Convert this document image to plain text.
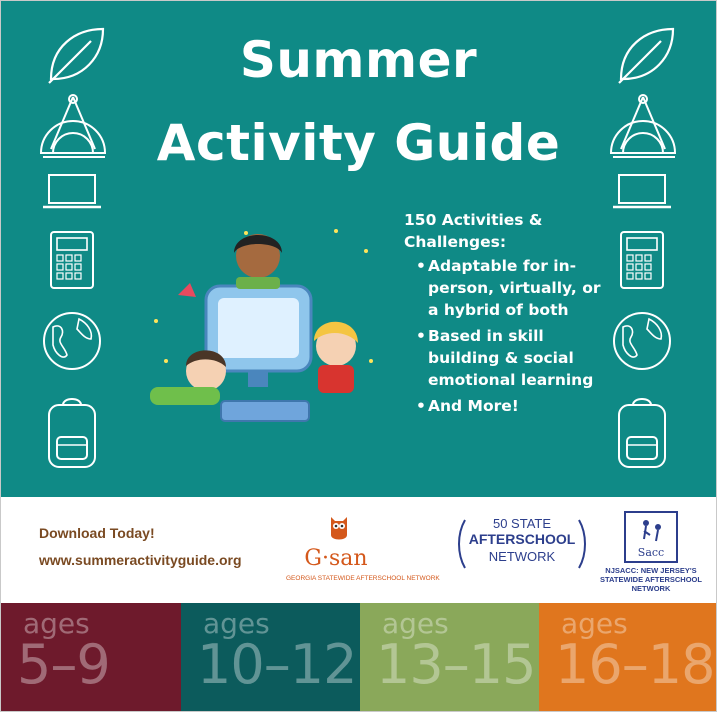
Summer
Activity Guide
150 Activities & Challenges:
• Adaptable for in-person, virtually, or a hybrid of both
• Based in skill building & social emotional learning
• And More!
Download Today!
www.summeractivityguide.org	G·san
GEORGIA STATEWIDE AFTERSCHOOL NETWORK
50 STATE
AFTERSCHOOL
NETWORK	Sacc
NJSACC: NEW JERSEY'S STATEWIDE AFTERSCHOOL NETWORK
ages
5–9
ages
10–12
ages
13–15
ages
16–18
